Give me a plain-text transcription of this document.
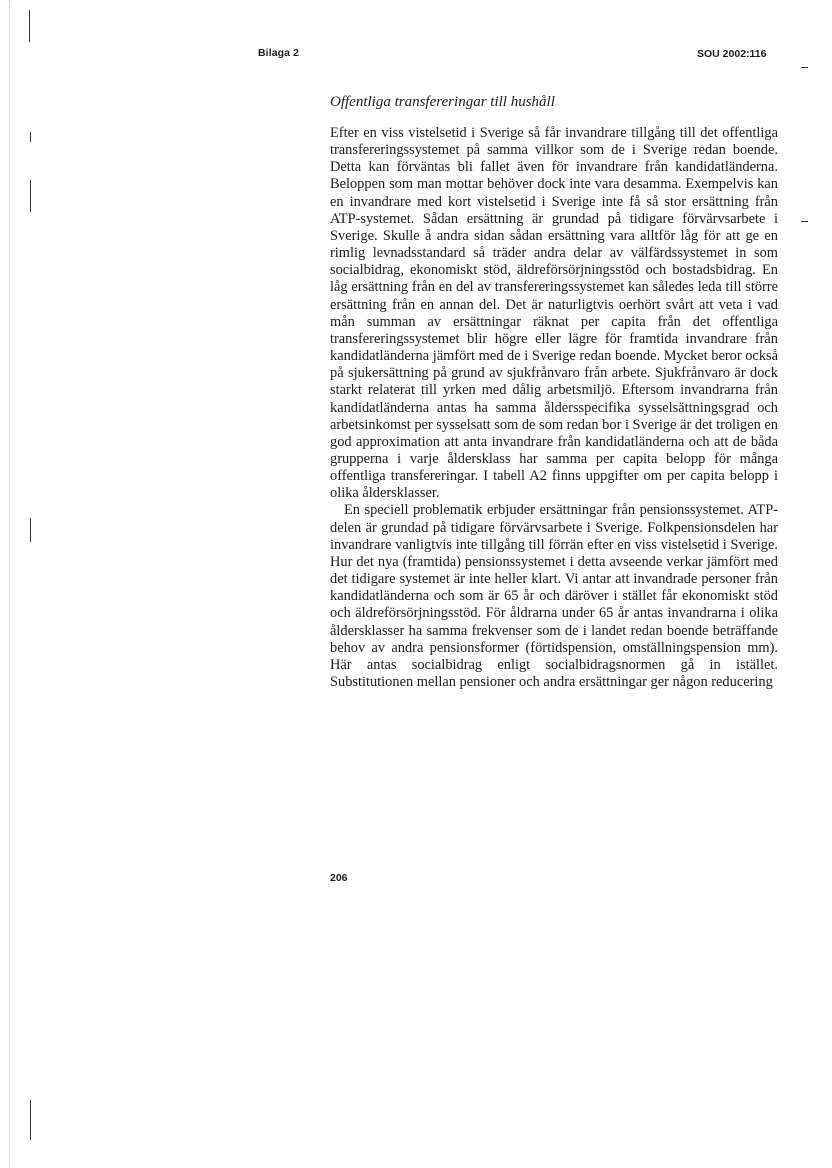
Bilaga 2	SOU 2002:116
Offentliga transfereringar till hushåll

Efter en viss vistelsetid i Sverige så får invandrare tillgång till det offentliga transfereringssystemet på samma villkor som de i Sverige redan boende. Detta kan förväntas bli fallet även för invandrare från kandidatländerna. Beloppen som man mottar behöver dock inte vara desamma. Exempelvis kan en invandrare med kort vistelsetid i Sverige inte få så stor ersättning från ATP-systemet. Sådan ersättning är grundad på tidigare förvärvsarbete i Sverige. Skulle å andra sidan sådan ersättning vara alltför låg för att ge en rimlig levnadsstandard så träder andra delar av välfärdssystemet in som socialbidrag, ekonomiskt stöd, äldreförsörjningsstöd och bostadsbidrag. En låg ersättning från en del av transfereringssystemet kan således leda till större ersättning från en annan del. Det är naturligtvis oerhört svårt att veta i vad mån summan av ersättningar räknat per capita från det offentliga transfereringssystemet blir högre eller lägre för framtida invandrare från kandidatländerna jämfört med de i Sverige redan boende. Mycket beror också på sjukersättning på grund av sjukfrånvaro från arbete. Sjukfrånvaro är dock starkt relaterat till yrken med dålig arbetsmiljö. Eftersom invandrarna från kandidatländerna antas ha samma åldersspecifika sysselsättningsgrad och arbetsinkomst per sysselsatt som de som redan bor i Sverige är det troligen en god approximation att anta invandrare från kandidatländerna och att de båda grupperna i varje åldersklass har samma per capita belopp för många offentliga transfereringar. I tabell A2 finns uppgifter om per capita belopp i olika åldersklasser.

En speciell problematik erbjuder ersättningar från pensionssystemet. ATP-delen är grundad på tidigare förvärvsarbete i Sverige. Folkpensionsdelen har invandrare vanligtvis inte tillgång till förrän efter en viss vistelsetid i Sverige. Hur det nya (framtida) pensionssystemet i detta avseende verkar jämfört med det tidigare systemet är inte heller klart. Vi antar att invandrade personer från kandidatländerna och som är 65 år och däröver i stället får ekonomiskt stöd och äldreförsörjningsstöd. För åldrarna under 65 år antas invandrarna i olika åldersklasser ha samma frekvenser som de i landet redan boende beträffande behov av andra pensionsformer (förtidspension, omställningspension mm). Här antas socialbidrag enligt socialbidragsnormen gå in istället. Substitutionen mellan pensioner och andra ersättningar ger någon reducering

206
